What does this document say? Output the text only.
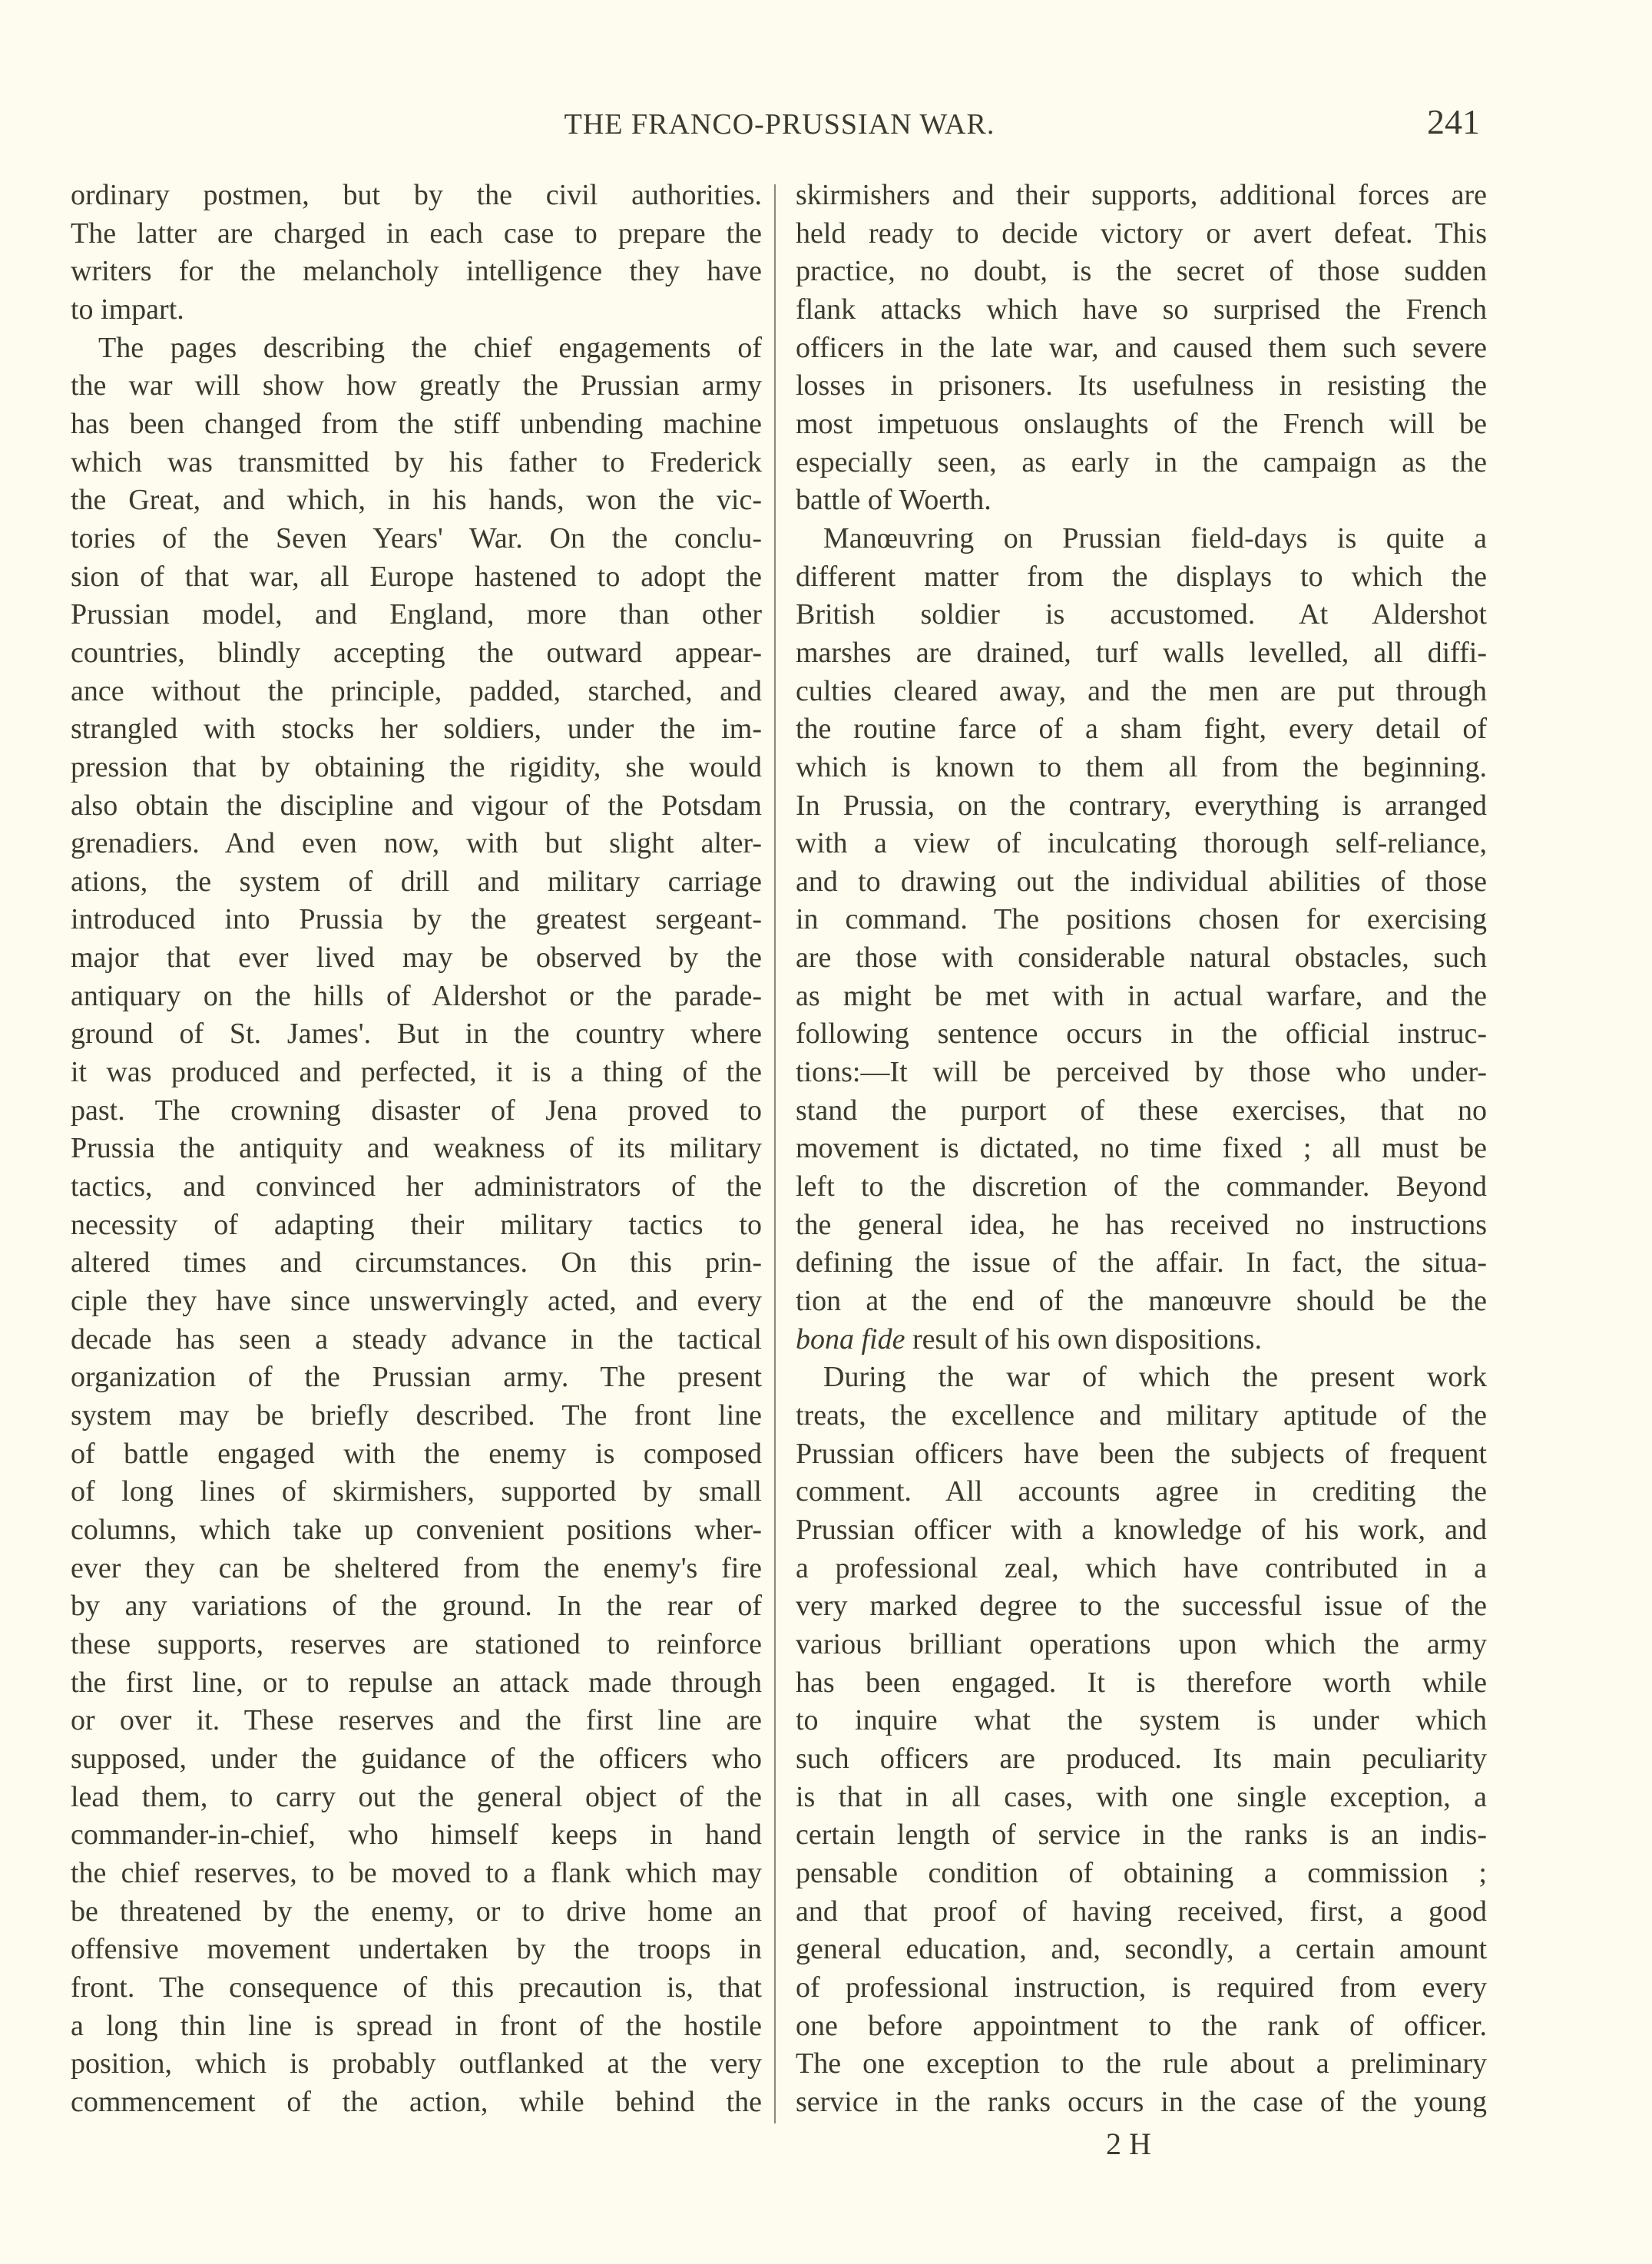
THE FRANCO-PRUSSIAN WAR.	241
ordinary postmen, but by the civil authorities.
The latter are charged in each case to prepare the
writers for the melancholy intelligence they have
to impart.
The pages describing the chief engagements of
the war will show how greatly the Prussian army
has been changed from the stiff unbending machine
which was transmitted by his father to Frederick
the Great, and which, in his hands, won the vic-
tories of the Seven Years' War. On the conclu-
sion of that war, all Europe hastened to adopt the
Prussian model, and England, more than other
countries, blindly accepting the outward appear-
ance without the principle, padded, starched, and
strangled with stocks her soldiers, under the im-
pression that by obtaining the rigidity, she would
also obtain the discipline and vigour of the Potsdam
grenadiers. And even now, with but slight alter-
ations, the system of drill and military carriage
introduced into Prussia by the greatest sergeant-
major that ever lived may be observed by the
antiquary on the hills of Aldershot or the parade-
ground of St. James'. But in the country where
it was produced and perfected, it is a thing of the
past. The crowning disaster of Jena proved to
Prussia the antiquity and weakness of its military
tactics, and convinced her administrators of the
necessity of adapting their military tactics to
altered times and circumstances. On this prin-
ciple they have since unswervingly acted, and every
decade has seen a steady advance in the tactical
organization of the Prussian army. The present
system may be briefly described. The front line
of battle engaged with the enemy is composed
of long lines of skirmishers, supported by small
columns, which take up convenient positions wher-
ever they can be sheltered from the enemy's fire
by any variations of the ground. In the rear of
these supports, reserves are stationed to reinforce
the first line, or to repulse an attack made through
or over it. These reserves and the first line are
supposed, under the guidance of the officers who
lead them, to carry out the general object of the
commander-in-chief, who himself keeps in hand
the chief reserves, to be moved to a flank which may
be threatened by the enemy, or to drive home an
offensive movement undertaken by the troops in
front. The consequence of this precaution is, that
a long thin line is spread in front of the hostile
position, which is probably outflanked at the very
commencement of the action, while behind the
skirmishers and their supports, additional forces are
held ready to decide victory or avert defeat. This
practice, no doubt, is the secret of those sudden
flank attacks which have so surprised the French
officers in the late war, and caused them such severe
losses in prisoners. Its usefulness in resisting the
most impetuous onslaughts of the French will be
especially seen, as early in the campaign as the
battle of Woerth.
Manœuvring on Prussian field-days is quite a
different matter from the displays to which the
British soldier is accustomed. At Aldershot
marshes are drained, turf walls levelled, all diffi-
culties cleared away, and the men are put through
the routine farce of a sham fight, every detail of
which is known to them all from the beginning.
In Prussia, on the contrary, everything is arranged
with a view of inculcating thorough self-reliance,
and to drawing out the individual abilities of those
in command. The positions chosen for exercising
are those with considerable natural obstacles, such
as might be met with in actual warfare, and the
following sentence occurs in the official instruc-
tions:—It will be perceived by those who under-
stand the purport of these exercises, that no
movement is dictated, no time fixed ; all must be
left to the discretion of the commander. Beyond
the general idea, he has received no instructions
defining the issue of the affair. In fact, the situa-
tion at the end of the manœuvre should be the
bona fide result of his own dispositions.
During the war of which the present work
treats, the excellence and military aptitude of the
Prussian officers have been the subjects of frequent
comment. All accounts agree in crediting the
Prussian officer with a knowledge of his work, and
a professional zeal, which have contributed in a
very marked degree to the successful issue of the
various brilliant operations upon which the army
has been engaged. It is therefore worth while
to inquire what the system is under which
such officers are produced. Its main peculiarity
is that in all cases, with one single exception, a
certain length of service in the ranks is an indis-
pensable condition of obtaining a commission ;
and that proof of having received, first, a good
general education, and, secondly, a certain amount
of professional instruction, is required from every
one before appointment to the rank of officer.
The one exception to the rule about a preliminary
service in the ranks occurs in the case of the young
2 H
